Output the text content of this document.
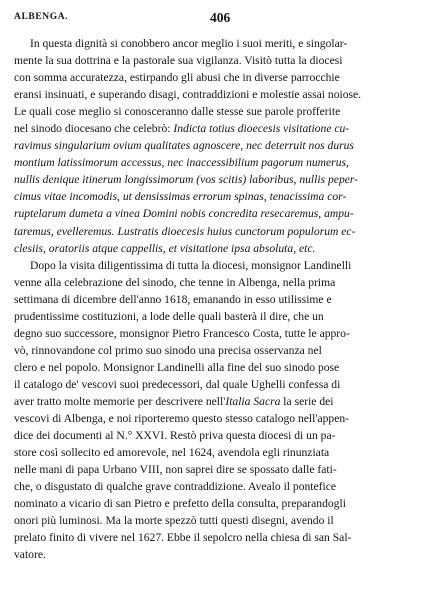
ALBENGA.	406
In questa dignità si conobbero ancor meglio i suoi meriti, e singolar-
mente la sua dottrina e la pastorale sua vigilanza. Visitò tutta la diocesi
con somma accuratezza, estirpando gli abusi che in diverse parrocchie
eransi insinuati, e superando disagi, contraddizioni e molestie assai noiose.
Le quali cose meglio si conosceranno dalle stesse sue parole profferite
nel sinodo diocesano che celebrò: Indicta totius dioecesis visitatione cu-
ravimus singularium ovium qualitates agnoscere, nec deterruit nos durus
montium latissimorum accessus, nec inaccessibilium pagorum numerus,
nullis denique itinerum longissimorum (vos scitis) laboribus, nullis peper-
cimus vitae incomodis, ut densissimas errorum spinas, tenacissima cor-
ruptelarum dumeta a vinea Domini nobis concredita resecaremus, ampu-
taremus, evelleremus. Lustratis dioecesis huius cunctorum populorum ec-
clesiis, oratoriis atque cappellis, et visitatione ipsa absoluta, etc.
Dopo la visita diligentissima di tutta la diocesi, monsignor Landinelli
venne alla celebrazione del sinodo, che tenne in Albenga, nella prima
settimana di dicembre dell'anno 1618, emanando in esso utilissime e
prudentissime costituzioni, a lode delle quali basterà il dire, che un
degno suo successore, monsignor Pietro Francesco Costa, tutte le appro-
vò, rinnovandone col primo suo sinodo una precisa osservanza nel
clero e nel popolo. Monsignor Landinelli alla fine del suo sinodo pose
il catalogo de' vescovi suoi predecessori, dal quale Ughelli confessa di
aver tratto molte memorie per descrivere nell'Italia Sacra la serie dei
vescovi di Albenga, e noi riporteremo questo stesso catalogo nell'appen-
dice dei documenti al N.° XXVI. Restò priva questa diocesi di un pa-
store così sollecito ed amorevole, nel 1624, avendola egli rinunziata
nelle mani di papa Urbano VIII, non saprei dire se spossato dalle fati-
che, o disgustato di qualche grave contraddizione. Avealo il pontefice
nominato a vicario di san Pietro e prefetto della consulta, preparandogli
onori più luminosi. Ma la morte spezzò tutti questi disegni, avendo il
prelato finito di vivere nel 1627. Ebbe il sepolcro nella chiesa di san Sal-
vatore.
